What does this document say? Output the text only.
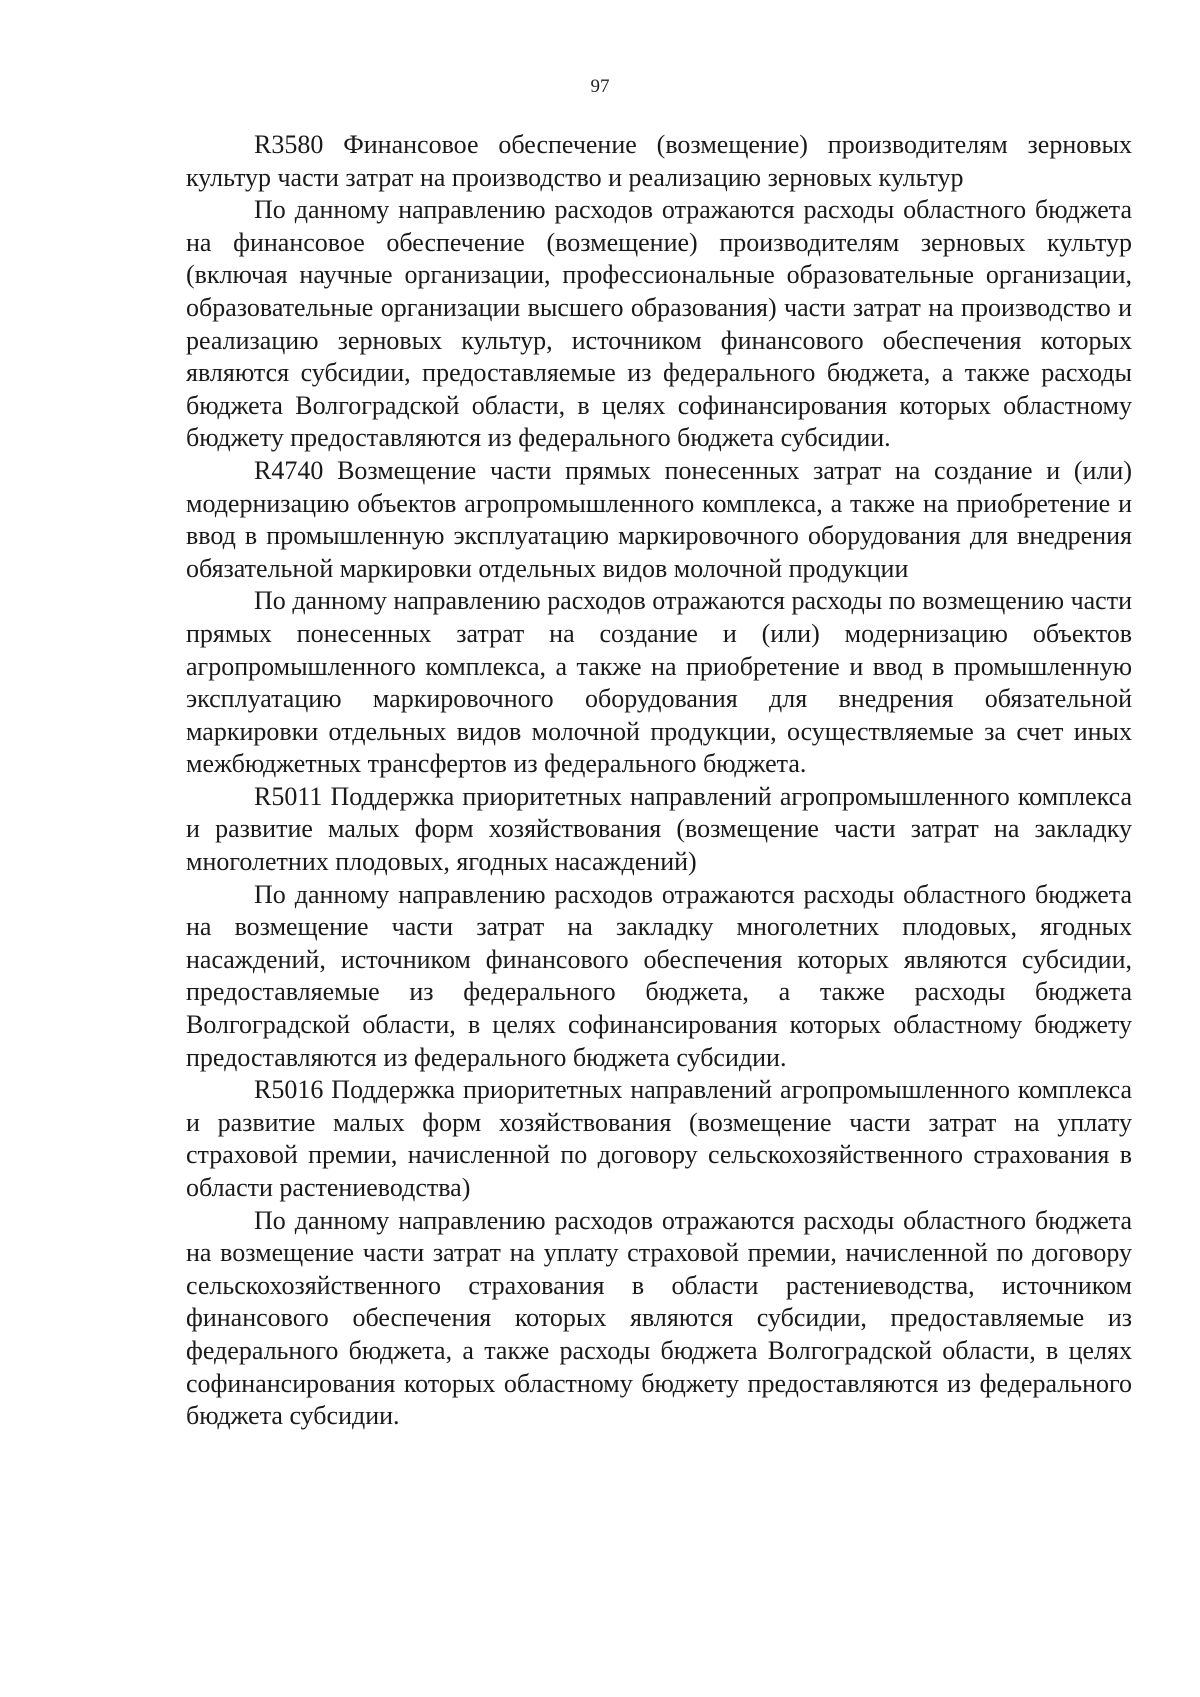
97

R3580 Финансовое обеспечение (возмещение) производителям зерновых культур части затрат на производство и реализацию зерновых культур

По данному направлению расходов отражаются расходы областного бюджета на финансовое обеспечение (возмещение) производителям зерновых культур (включая научные организации, профессиональные образовательные организации, образовательные организации высшего образования) части затрат на производство и реализацию зерновых культур, источником финансового обеспечения которых являются субсидии, предоставляемые из федерального бюджета, а также расходы бюджета Волгоградской области, в целях софинансирования которых областному бюджету предоставляются из федерального бюджета субсидии.

R4740 Возмещение части прямых понесенных затрат на создание и (или) модернизацию объектов агропромышленного комплекса, а также на приобретение и ввод в промышленную эксплуатацию маркировочного оборудования для внедрения обязательной маркировки отдельных видов молочной продукции

По данному направлению расходов отражаются расходы по возмещению части прямых понесенных затрат на создание и (или) модернизацию объектов агропромышленного комплекса, а также на приобретение и ввод в промышленную эксплуатацию маркировочного оборудования для внедрения обязательной маркировки отдельных видов молочной продукции, осуществляемые за счет иных межбюджетных трансфертов из федерального бюджета.

R5011 Поддержка приоритетных направлений агропромышленного комплекса и развитие малых форм хозяйствования (возмещение части затрат на закладку многолетних плодовых, ягодных насаждений)

По данному направлению расходов отражаются расходы областного бюджета на возмещение части затрат на закладку многолетних плодовых, ягодных насаждений, источником финансового обеспечения которых являются субсидии, предоставляемые из федерального бюджета, а также расходы бюджета Волгоградской области, в целях софинансирования которых областному бюджету предоставляются из федерального бюджета субсидии.

R5016 Поддержка приоритетных направлений агропромышленного комплекса и развитие малых форм хозяйствования (возмещение части затрат на уплату страховой премии, начисленной по договору сельскохозяйственного страхования в области растениеводства)

По данному направлению расходов отражаются расходы областного бюджета на возмещение части затрат на уплату страховой премии, начисленной по договору сельскохозяйственного страхования в области растениеводства, источником финансового обеспечения которых являются субсидии, предоставляемые из федерального бюджета, а также расходы бюджета Волгоградской области, в целях софинансирования которых областному бюджету предоставляются из федерального бюджета субсидии.
